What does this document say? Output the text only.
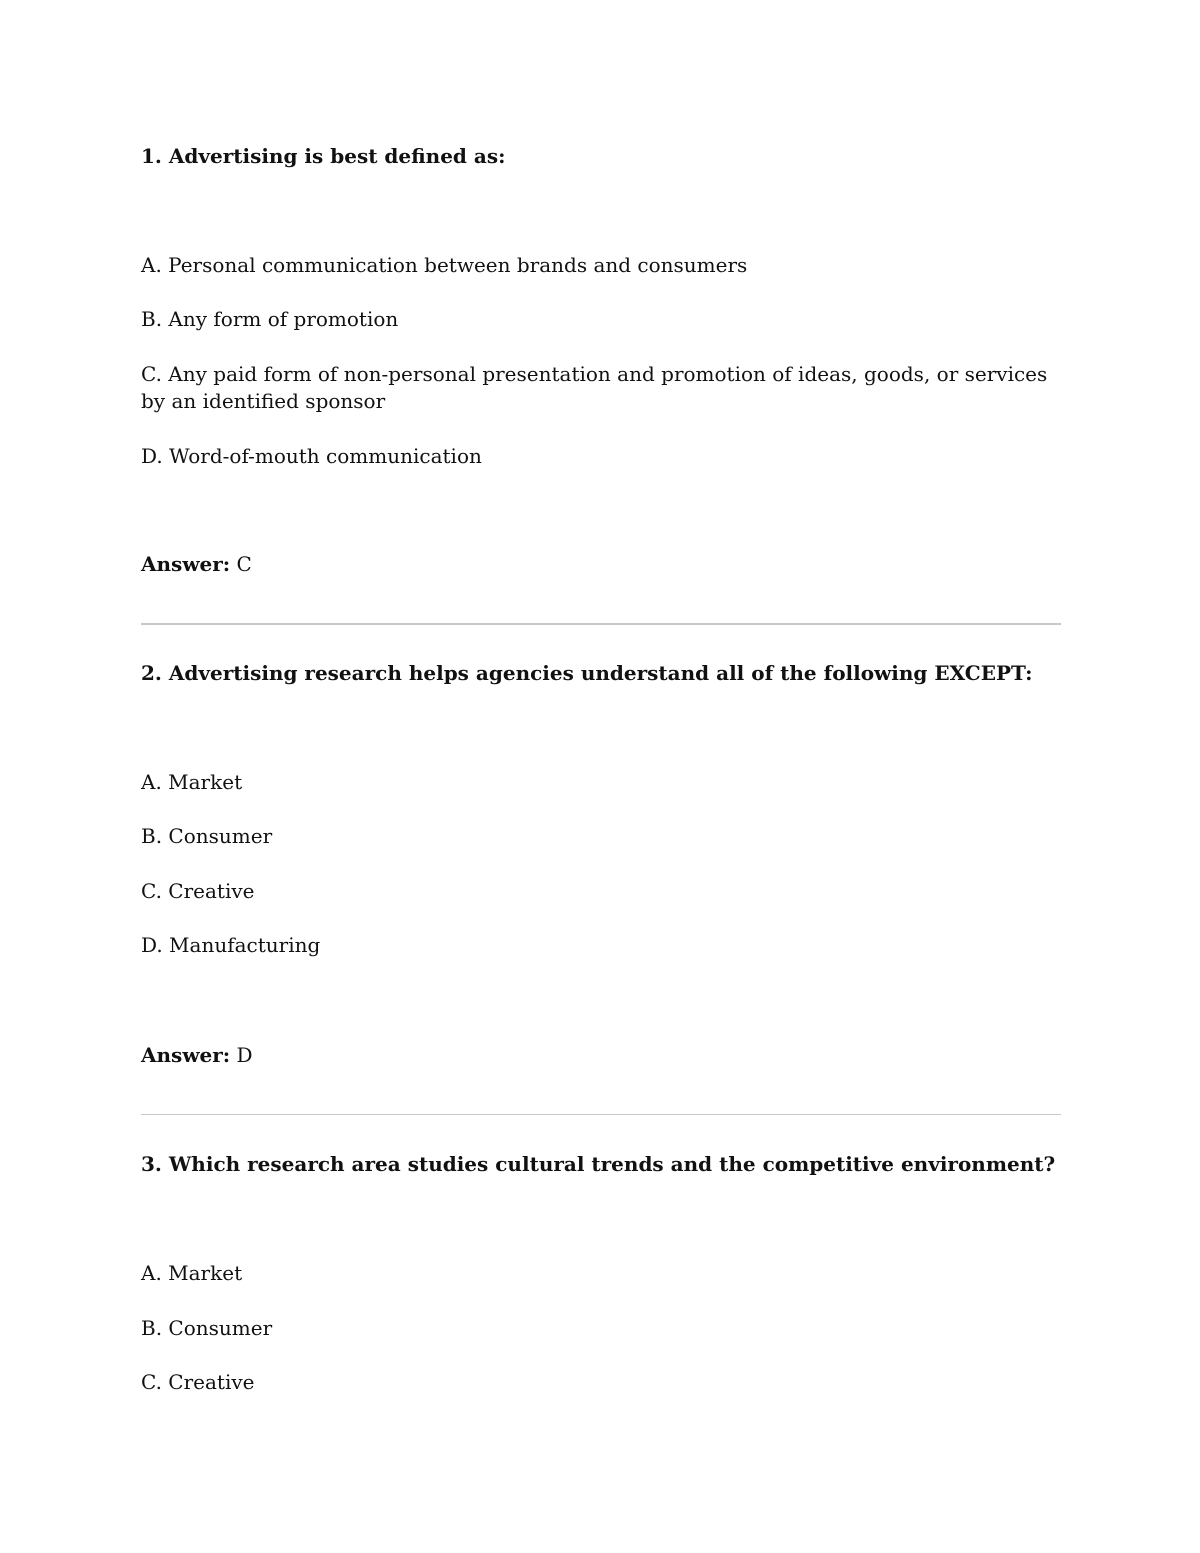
1. Advertising is best defined as:

A. Personal communication between brands and consumers

B. Any form of promotion

C. Any paid form of non-personal presentation and promotion of ideas, goods, or services by an identified sponsor

D. Word-of-mouth communication

Answer: C

2. Advertising research helps agencies understand all of the following EXCEPT:

A. Market

B. Consumer

C. Creative

D. Manufacturing

Answer: D

3. Which research area studies cultural trends and the competitive environment?

A. Market

B. Consumer

C. Creative
